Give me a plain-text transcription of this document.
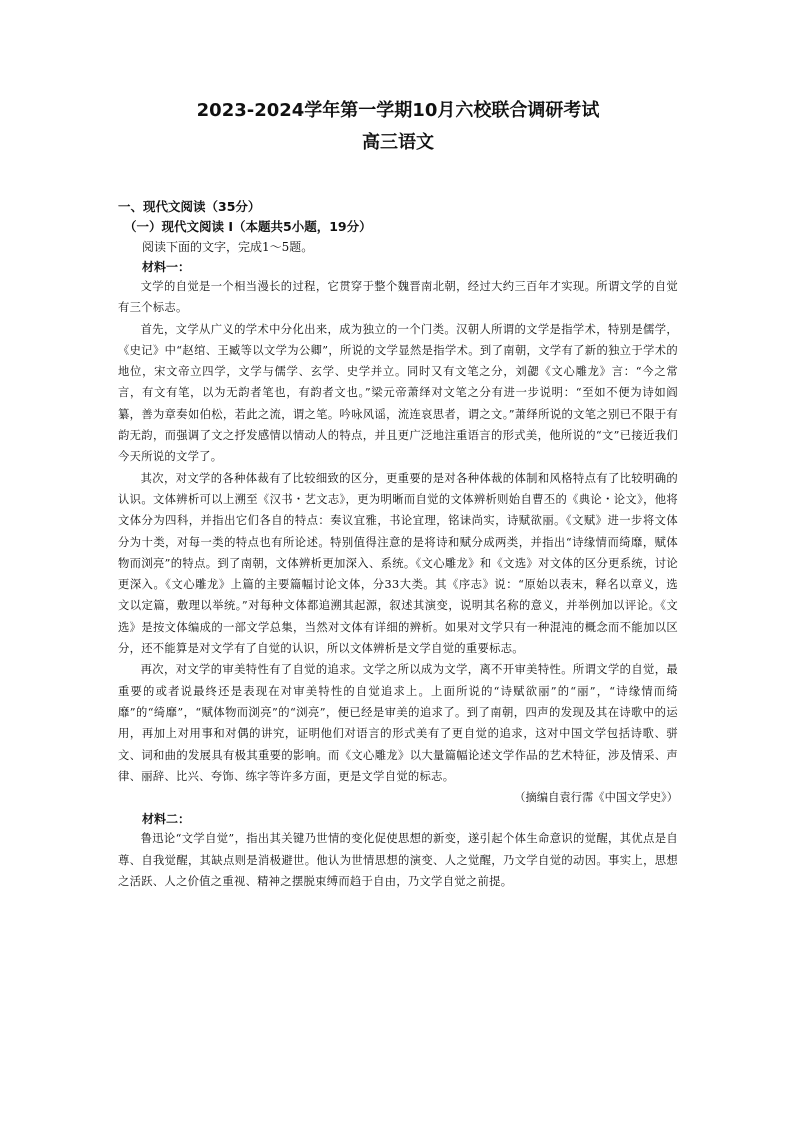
2023-2024学年第一学期10月六校联合调研考试
高三语文
一、现代文阅读（35分）
（一）现代文阅读 I（本题共5小题，19分）
阅读下面的文字，完成1～5题。
材料一：

文学的自觉是一个相当漫长的过程，它贯穿于整个魏晋南北朝，经过大约三百年才实现。所谓文学的自觉有三个标志。

首先，文学从广义的学术中分化出来，成为独立的一个门类。汉朝人所谓的文学是指学术，特别是儒学，《史记》中“赵绾、王臧等以文学为公卿”，所说的文学显然是指学术。到了南朝，文学有了新的独立于学术的地位，宋文帝立四学，文学与儒学、玄学、史学并立。同时又有文笔之分，刘勰《文心雕龙》言：“今之常言，有文有笔，以为无韵者笔也，有韵者文也。”梁元帝萧绎对文笔之分有进一步说明：“至如不便为诗如阎纂，善为章奏如伯松，若此之流，谓之笔。吟咏风谣，流连哀思者，谓之文。”萧绎所说的文笔之别已不限于有韵无韵，而强调了文之抒发感情以情动人的特点，并且更广泛地注重语言的形式美，他所说的“文”已接近我们今天所说的文学了。

其次，对文学的各种体裁有了比较细致的区分，更重要的是对各种体裁的体制和风格特点有了比较明确的认识。文体辨析可以上溯至《汉书・艺文志》，更为明晰而自觉的文体辨析则始自曹丕的《典论・论文》，他将文体分为四科，并指出它们各自的特点：奏议宜雅，书论宜理，铭诔尚实，诗赋欲丽。《文赋》进一步将文体分为十类，对每一类的特点也有所论述。特别值得注意的是将诗和赋分成两类，并指出“诗缘情而绮靡，赋体物而浏亮”的特点。到了南朝，文体辨析更加深入、系统。《文心雕龙》和《文选》对文体的区分更系统，讨论更深入。《文心雕龙》上篇的主要篇幅讨论文体，分33大类。其《序志》说：“原始以表末，释名以章义，选文以定篇，敷理以举统。”对每种文体都追溯其起源，叙述其演变，说明其名称的意义，并举例加以评论。《文选》是按文体编成的一部文学总集，当然对文体有详细的辨析。如果对文学只有一种混沌的概念而不能加以区分，还不能算是对文学有了自觉的认识，所以文体辨析是文学自觉的重要标志。

再次，对文学的审美特性有了自觉的追求。文学之所以成为文学，离不开审美特性。所谓文学的自觉，最重要的或者说最终还是表现在对审美特性的自觉追求上。上面所说的“诗赋欲丽”的“丽”，“诗缘情而绮靡”的“绮靡”，“赋体物而浏亮”的“浏亮”，便已经是审美的追求了。到了南朝，四声的发现及其在诗歌中的运用，再加上对用事和对偶的讲究，证明他们对语言的形式美有了更自觉的追求，这对中国文学包括诗歌、骈文、词和曲的发展具有极其重要的影响。而《文心雕龙》以大量篇幅论述文学作品的艺术特征，涉及情采、声律、丽辞、比兴、夸饰、练字等许多方面，更是文学自觉的标志。

（摘编自袁行霈《中国文学史》）

材料二：

鲁迅论“文学自觉”，指出其关键乃世情的变化促使思想的新变，遂引起个体生命意识的觉醒，其优点是自尊、自我觉醒，其缺点则是消极避世。他认为世情思想的演变、人之觉醒，乃文学自觉的动因。事实上，思想之活跃、人之价值之重视、精神之摆脱束缚而趋于自由，乃文学自觉之前提。
